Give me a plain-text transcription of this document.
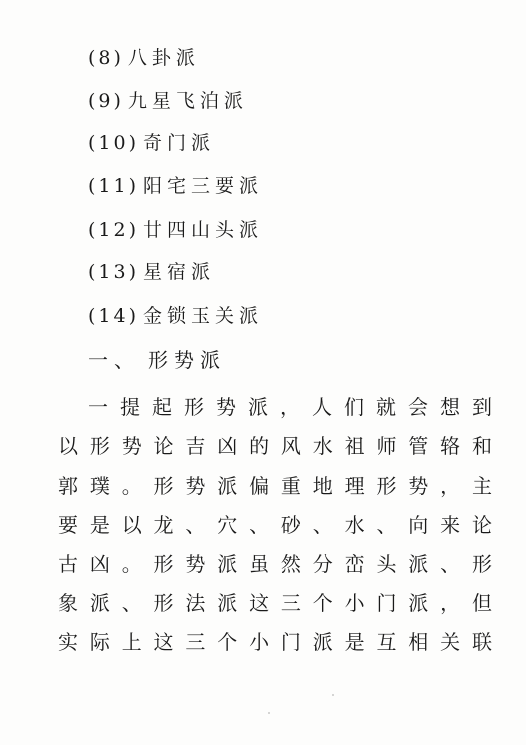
(8) 八卦派
(9) 九星飞泊派
(10) 奇门派
(11) 阳宅三要派
(12) 廿四山头派
(13) 星宿派
(14) 金锁玉关派
一、 形势派
一提起形势派，人们就会想到
以形势论吉凶的风水祖师管辂和
郭璞。形势派偏重地理形势，主
要是以龙、穴、砂、水、向来论
古凶。形势派虽然分峦头派、形
象派、形法派这三个小门派，但
实际上这三个小门派是互相关联
